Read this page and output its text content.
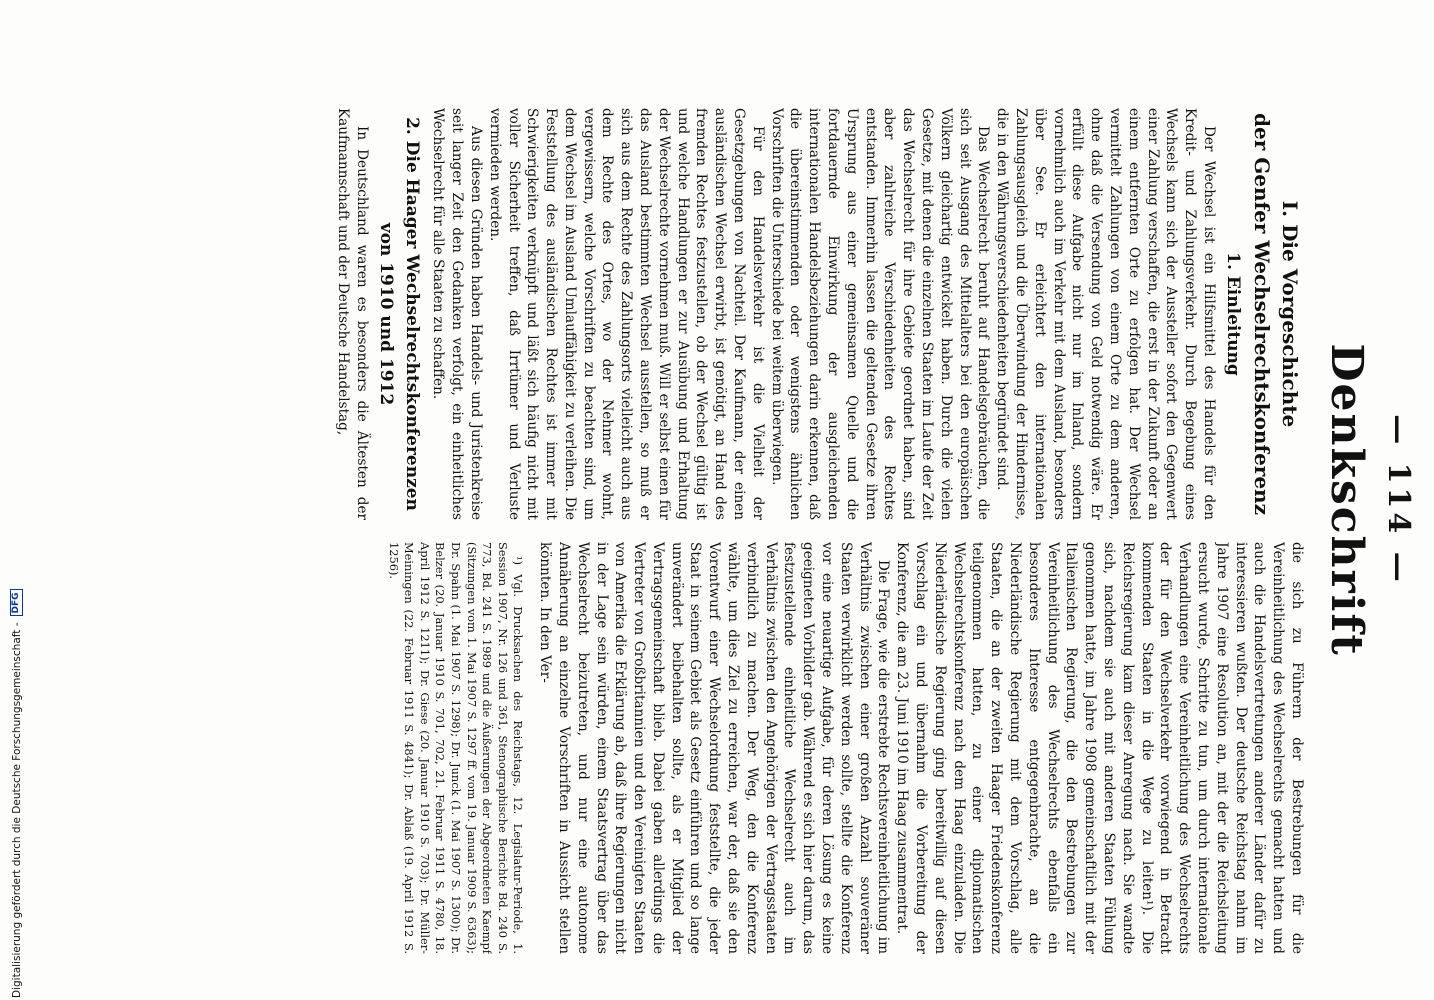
— 114 —
Denkschrift
I. Die Vorgeschichte
der Genfer Wechselrechtskonferenz
1. Einleitung

Der Wechsel ist ein Hilfsmittel des Handels für den Kredit- und Zahlungsverkehr. Durch Begebung eines Wechsels kann sich der Aussteller sofort den Gegenwert einer Zahlung verschaffen, die erst in der Zukunft oder an einem entfernten Orte zu erfolgen hat. Der Wechsel vermittelt Zahlungen von einem Orte zu dem anderen, ohne daß die Versendung von Geld notwendig wäre. Er erfüllt diese Aufgabe nicht nur im Inland, sondern vornehmlich auch im Verkehr mit dem Ausland, besonders über See. Er erleichtert den internationalen Zahlungsausgleich und die Überwindung der Hindernisse, die in den Währungsverschiedenheiten begründet sind.

Das Wechselrecht beruht auf Handelsgebräuchen, die sich seit Ausgang des Mittelalters bei den europäischen Völkern gleichartig entwickelt haben. Durch die vielen Gesetze, mit denen die einzelnen Staaten im Laufe der Zeit das Wechselrecht für ihre Gebiete geordnet haben, sind aber zahlreiche Verschiedenheiten des Rechtes entstanden. Immerhin lassen die geltenden Gesetze ihren Ursprung aus einer gemeinsamen Quelle und die fortdauernde Einwirkung der ausgleichenden internationalen Handelsbeziehungen darin erkennen, daß die übereinstimmenden oder wenigstens ähnlichen Vorschriften die Unterschiede bei weitem überwiegen.

Für den Handelsverkehr ist die Vielheit der Gesetzgebungen von Nachteil. Der Kaufmann, der einen ausländischen Wechsel erwirbt, ist genötigt, an Hand des fremden Rechtes festzustellen, ob der Wechsel gültig ist und welche Handlungen er zur Ausübung und Erhaltung der Wechselrechte vornehmen muß. Will er selbst einen für das Ausland bestimmten Wechsel ausstellen, so muß er sich aus dem Rechte des Zahlungsorts vielleicht auch aus dem Rechte des Ortes, wo der Nehmer wohnt, vergewissern, welche Vorschriften zu beachten sind, um dem Wechsel im Ausland Umlauffähigkeit zu verleihen. Die Feststellung des ausländischen Rechtes ist immer mit Schwierigkeiten verknüpft und läßt sich häufig nicht mit voller Sicherheit treffen, daß Irrtümer und Verluste vermieden werden.

Aus diesen Gründen haben Handels- und Juristenkreise seit langer Zeit den Gedanken verfolgt, ein einheitliches Wechselrecht für alle Staaten zu schaffen.

2. Die Haager Wechselrechtskonferenzen
von 1910 und 1912

In Deutschland waren es besonders die Ältesten der Kaufmannschaft und der Deutsche Handelstag,

die sich zu Führern der Bestrebungen für die Vereinheitlichung des Wechselrechts gemacht hatten und auch die Handelsvertretungen anderer Länder dafür zu interessieren wußten. Der deutsche Reichstag nahm im Jahre 1907 eine Resolution an, mit der die Reichsleitung ersucht wurde, Schritte zu tun, um durch internationale Verhandlungen eine Vereinheitlichung des Wechselrechts der für den Wechselverkehr vorwiegend in Betracht kommenden Staaten in die Wege zu leiten¹). Die Reichsregierung kam dieser Anregung nach. Sie wandte sich, nachdem sie auch mit anderen Staaten Fühlung genommen hatte, im Jahre 1908 gemeinschaftlich mit der Italienischen Regierung, die den Bestrebungen zur Vereinheitlichung des Wechselrechts ebenfalls ein besonderes Interesse entgegenbrachte, an die Niederländische Regierung mit dem Vorschlag, alle Staaten, die an der zweiten Haager Friedenskonferenz teilgenommen hatten, zu einer diplomatischen Wechselrechtskonferenz nach dem Haag einzuladen. Die Niederländische Regierung ging bereitwillig auf diesen Vorschlag ein und übernahm die Vorbereitung der Konferenz, die am 23. Juni 1910 im Haag zusammentrat.

Die Frage, wie die erstrebte Rechtsvereinheitlichung im Verhältnis zwischen einer großen Anzahl souveräner Staaten verwirklicht werden sollte, stellte die Konferenz vor eine neuartige Aufgabe, für deren Lösung es keine geeigneten Vorbilder gab. Während es sich hier darum, das festzustellende einheitliche Wechselrecht auch im Verhältnis zwischen den Angehörigen der Vertragsstaaten verbindlich zu machen. Der Weg, den die Konferenz wählte, um dies Ziel zu erreichen, war der, daß sie den Vorentwurf einer Wechselordnung feststellte, die jeder Staat in seinem Gebiet als Gesetz einführen und so lange unverändert beibehalten sollte, als er Mitglied der Vertragsgemeinschaft blieb. Dabei gaben allerdings die Vertreter von Großbritannien und den Vereinigten Staaten von Amerika die Erklärung ab, daß ihre Regierungen nicht in der Lage sein würden, einem Staatsvertrag über das Wechselrecht beizutreten, und nur eine autonome Annäherung an einzelne Vorschriften in Aussicht stellen könnten. In den Ver-

¹) Vgl. Drucksachen des Reichstags, 12. Legislatur-Periode, 1. Session 1907, Nr. 126 und 361, Stenographische Berichte Bd. 240 S. 773, Bd. 241 S. 1989 und die Äußerungen der Abgeordneten Kaempf (Sitzungen vom 1. Mai 1907 S. 1297 ff. vom 19. Januar 1909 S. 6363); Dr. Spahn (1. Mai 1907 S. 1298); Dr. Junck (1. Mai 1907 S. 1300); Dr. Belzer (20. Januar 1910 S. 701, 702, 21. Februar 1911 S. 4780, 18. April 1912 S. 1211); Dr. Giese (20. Januar 1910 S. 703); Dr. Müller-Meiningen (22. Februar 1911 S. 4841); Dr. Ablaß (19. April 1912 S. 1256).

Digitalisierung gefördert durch die Deutsche Forschungsgemeinschaft -
DFG
